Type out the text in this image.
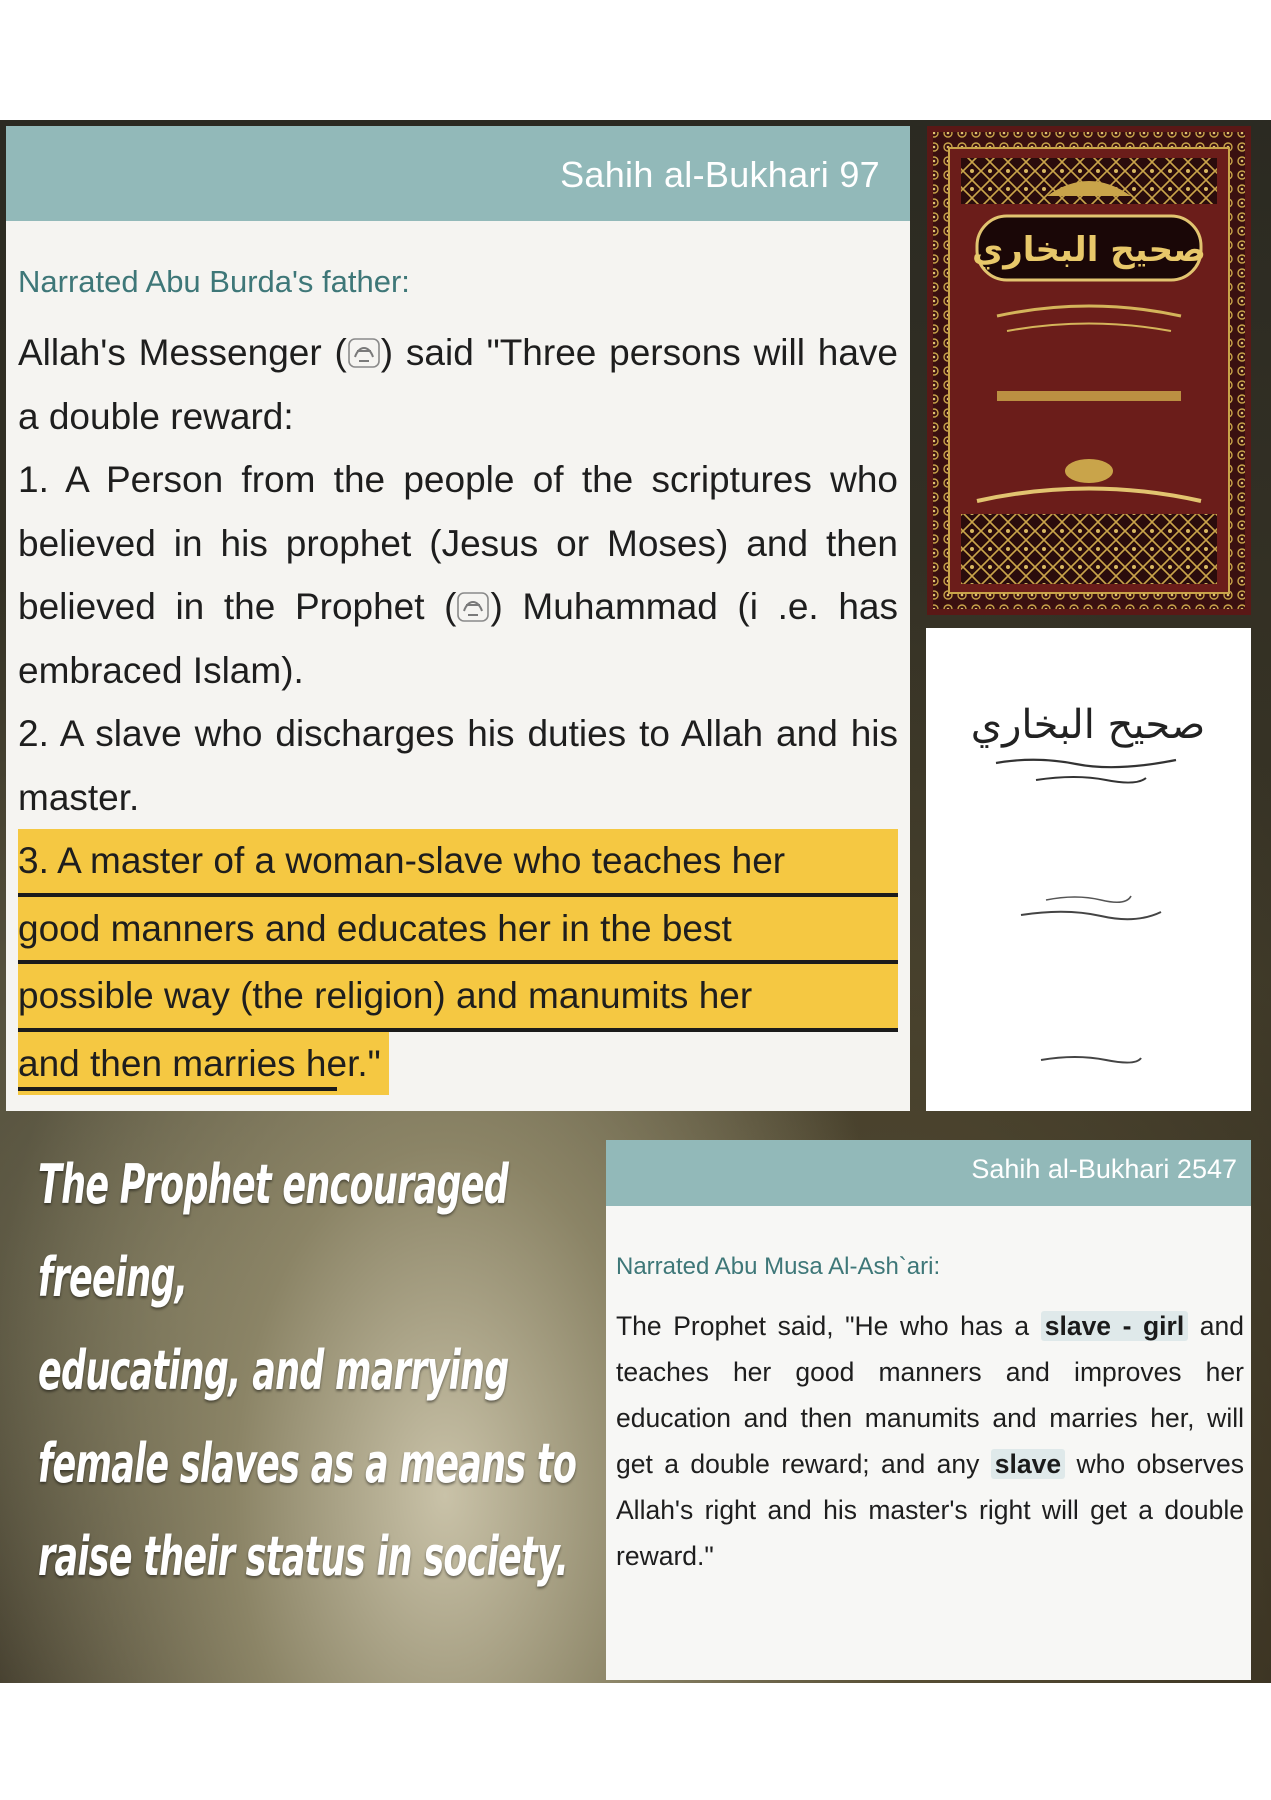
Sahih al-Bukhari 97
Narrated Abu Burda's father:
Allah's Messenger ( ) said "Three persons will have a double reward:
1. A Person from the people of the scriptures who believed in his prophet (Jesus or Moses) and then believed in the Prophet ( ) Muhammad (i .e. has embraced Islam).
2. A slave who discharges his duties to Allah and his master.
3. A master of a woman-slave who teaches her
good manners and educates her in the best
possible way (the religion) and manumits her
and then marries her."
صحيح البخاري
صحيح البخاري
The Prophet encouraged
freeing,
educating, and marrying
female slaves as a means to
raise their status in society.
Sahih al-Bukhari 2547
Narrated Abu Musa Al-Ash`ari:
The Prophet said, "He who has a slave - girl and teaches her good manners and improves her education and then manumits and marries her, will get a double reward; and any slave who observes Allah's right and his master's right will get a double reward."
